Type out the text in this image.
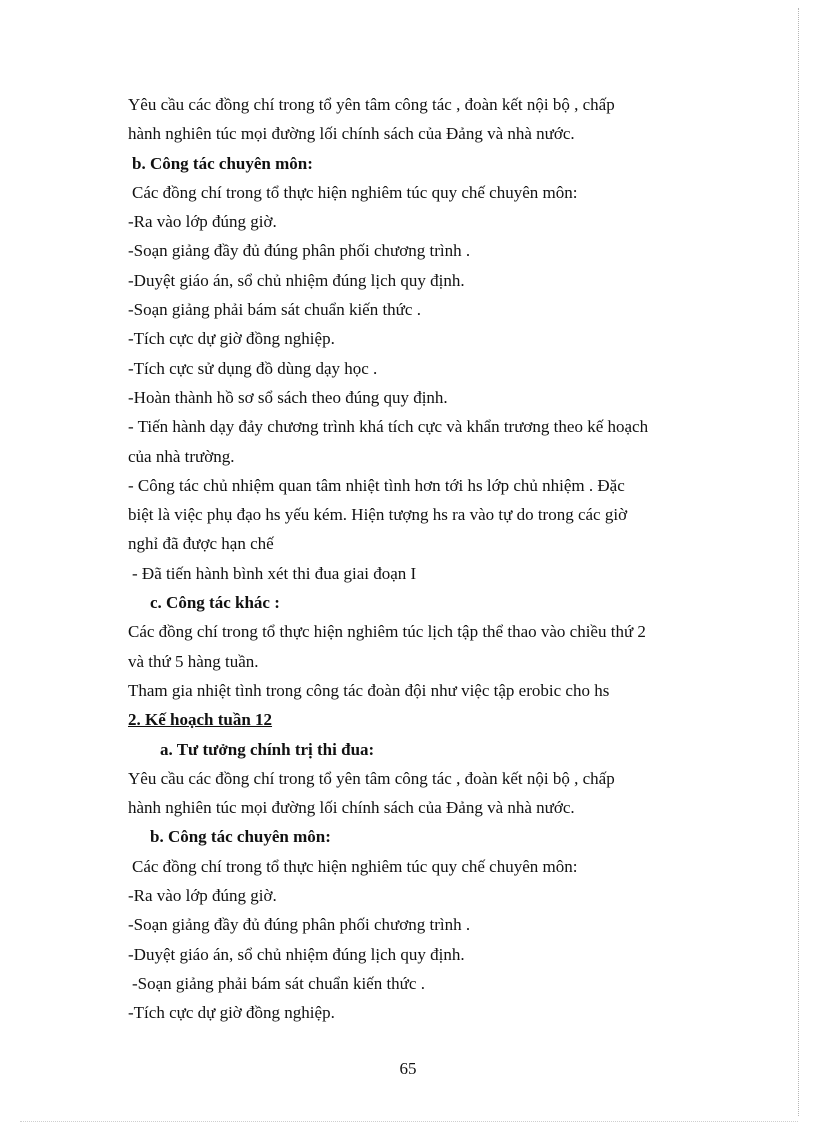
Yêu cầu các đồng chí trong tổ yên tâm công tác , đoàn kết nội bộ , chấp
hành nghiên túc mọi đường lối chính sách của Đảng và nhà nước.
b. Công tác chuyên môn:
Các đồng chí trong tổ thực hiện nghiêm túc quy chế chuyên môn:
-Ra vào lớp đúng giờ.
-Soạn giảng đầy đủ đúng phân phối chương trình .
-Duyệt giáo án, sổ chủ nhiệm đúng lịch quy định.
-Soạn giảng phải bám sát chuẩn kiến thức .
-Tích cực dự giờ đồng nghiệp.
-Tích cực sử dụng đồ dùng dạy học .
-Hoàn thành hồ sơ sổ sách theo đúng quy định.
- Tiến hành dạy đảy chương trình khá tích cực và khẩn trương theo kế hoạch
của nhà trường.
- Công tác chủ nhiệm quan tâm nhiệt tình hơn tới hs lớp chủ nhiệm . Đặc
biệt là việc phụ đạo hs yếu kém. Hiện tượng hs ra vào tự do trong các giờ
nghỉ đã được hạn chế
- Đã tiến hành bình xét thi đua giai đoạn I
c. Công tác khác :
Các đồng chí trong tổ thực hiện nghiêm túc lịch tập thể thao vào chiều thứ 2
và thứ 5 hàng tuần.
Tham gia nhiệt tình trong công tác đoàn đội như việc tập erobic cho hs
2. Kế hoạch tuần 12
a. Tư tưởng chính trị thi đua:
Yêu cầu các đồng chí trong tổ yên tâm công tác , đoàn kết nội bộ , chấp
hành nghiên túc mọi đường lối chính sách của Đảng và nhà nước.
b. Công tác chuyên môn:
Các đồng chí trong tổ thực hiện nghiêm túc quy chế chuyên môn:
-Ra vào lớp đúng giờ.
-Soạn giảng đầy đủ đúng phân phối chương trình .
-Duyệt giáo án, sổ chủ nhiệm đúng lịch quy định.
-Soạn giảng phải bám sát chuẩn kiến thức .
-Tích cực dự giờ đồng nghiệp.
65
